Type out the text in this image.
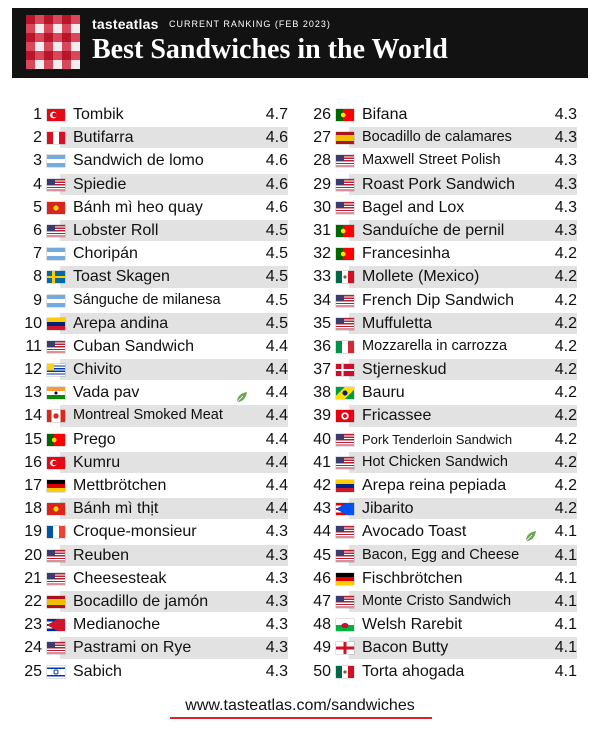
tasteatlas CURRENT RANKING (FEB 2023)
Best Sandwiches in the World
1 Tombik	4.7
2 Butifarra	4.6
3 Sandwich de lomo	4.6
4 Spiedie	4.6
5 Bánh mì heo quay	4.6
6 Lobster Roll	4.5
7 Choripán	4.5
8 Toast Skagen	4.5
9 Sánguche de milanesa	4.5
10 Arepa andina	4.5
11 Cuban Sandwich	4.4
12 Chivito	4.4
13 Vada pav	4.4
14 Montreal Smoked Meat	4.4
15 Prego	4.4
16 Kumru	4.4
17 Mettbrötchen	4.4
18 Bánh mì thịt	4.4
19 Croque-monsieur	4.3
20 Reuben	4.3
21 Cheesesteak	4.3
22 Bocadillo de jamón	4.3
23 Medianoche	4.3
24 Pastrami on Rye	4.3
25 Sabich	4.3
26 Bifana	4.3
27 Bocadillo de calamares	4.3
28 Maxwell Street Polish	4.3
29 Roast Pork Sandwich	4.3
30 Bagel and Lox	4.3
31 Sanduíche de pernil	4.3
32 Francesinha	4.2
33 Mollete (Mexico)	4.2
34 French Dip Sandwich	4.2
35 Muffuletta	4.2
36 Mozzarella in carrozza	4.2
37 Stjerneskud	4.2
38 Bauru	4.2
39 Fricassee	4.2
40 Pork Tenderloin Sandwich	4.2
41 Hot Chicken Sandwich	4.2
42 Arepa reina pepiada	4.2
43 Jibarito	4.2
44 Avocado Toast	4.1
45 Bacon, Egg and Cheese	4.1
46 Fischbrötchen	4.1
47 Monte Cristo Sandwich	4.1
48 Welsh Rarebit	4.1
49 Bacon Butty	4.1
50 Torta ahogada	4.1
www.tasteatlas.com/sandwiches
